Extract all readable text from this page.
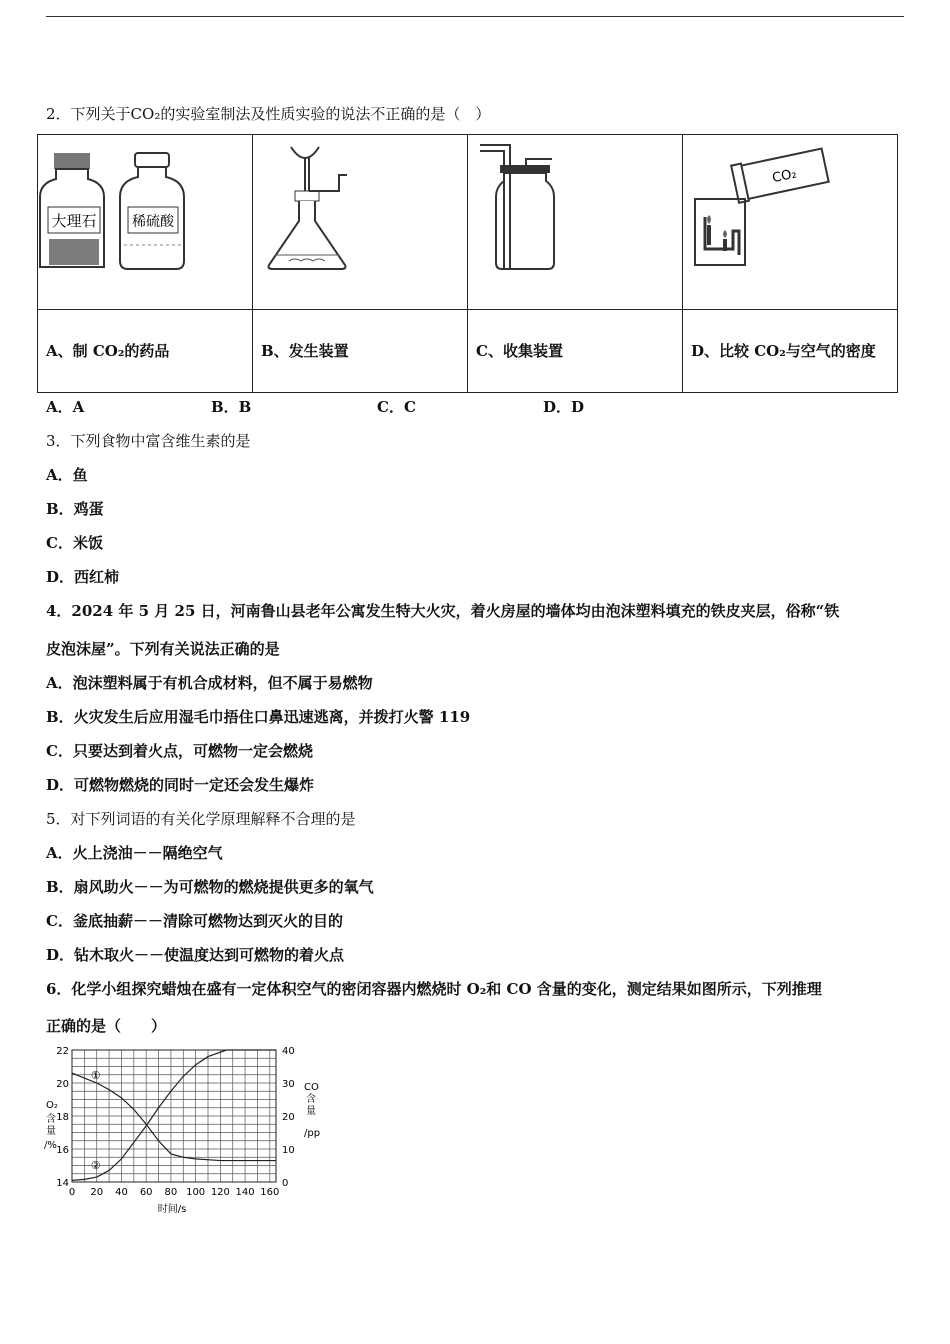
2．下列关于CO₂的实验室制法及性质实验的说法不正确的是（　）
大理石 稀硫酸			CO₂

A、制 CO₂的药品	B、发生装置	C、收集装置	D、比较 CO₂与空气的密度
A．A	B．B	C．C	D．D
3．下列食物中富含维生素的是
A．鱼
B．鸡蛋
C．米饭
D．西红柿
4．2024 年 5 月 25 日，河南鲁山县老年公寓发生特大火灾，着火房屋的墙体均由泡沫塑料填充的铁皮夹层，俗称“铁
皮泡沫屋”。下列有关说法正确的是
A．泡沫塑料属于有机合成材料，但不属于易燃物
B．火灾发生后应用湿毛巾捂住口鼻迅速逃离，并拨打火警 119
C．只要达到着火点，可燃物一定会燃烧
D．可燃物燃烧的同时一定还会发生爆炸
5．对下列词语的有关化学原理解释不合理的是
A．火上浇油－－隔绝空气
B．扇风助火－－为可燃物的燃烧提供更多的氧气
C．釜底抽薪－－清除可燃物达到灭火的目的
D．钻木取火－－使温度达到可燃物的着火点
6．化学小组探究蜡烛在盛有一定体积空气的密闭容器内燃烧时 O₂和 CO 含量的变化，测定结果如图所示，下列推理
正确的是（　　）
0 20 40 60 80 100 120 140 160
14
16
18
20
22
0
10
20
30
40
①
②
O₂
含
量
/%
CO
含
量
/pp
时间/s
